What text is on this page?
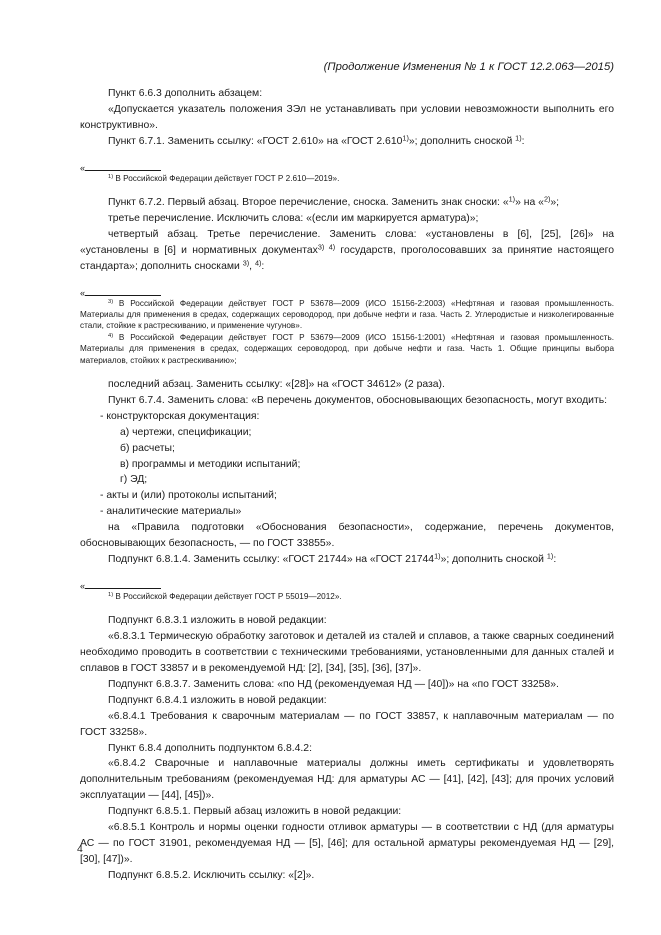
(Продолжение Изменения № 1 к ГОСТ 12.2.063—2015)

Пункт 6.6.3 дополнить абзацем:

«Допускается указатель положения ЗЭл не устанавливать при условии невозможности выполнить его конструктивно».

Пункт 6.7.1. Заменить ссылку: «ГОСТ 2.610» на «ГОСТ 2.610$^{1)}$»; дополнить сноской $^{1)}$:

«

$^{1)}$ В Российской Федерации действует ГОСТ Р 2.610—2019».

Пункт 6.7.2. Первый абзац. Второе перечисление, сноска. Заменить знак сноски: «$^{1)}$» на «$^{2)}$»;

третье перечисление. Исключить слова: «(если им маркируется арматура)»;

четвертый абзац. Третье перечисление. Заменить слова: «установлены в [6], [25], [26]» на «установлены в [6] и нормативных документах$^{3) 4)}$ государств, проголосовавших за принятие настоящего стандарта»; дополнить сносками $^{3)}$, $^{4)}$:

«

$^{3)}$ В Российской Федерации действует ГОСТ Р 53678—2009 (ИСО 15156-2:2003) «Нефтяная и газовая промышленность. Материалы для применения в средах, содержащих сероводород, при добыче нефти и газа. Часть 2. Углеродистые и низколегированные стали, стойкие к растрескиванию, и применение чугунов».

$^{4)}$ В Российской Федерации действует ГОСТ Р 53679—2009 (ИСО 15156-1:2001) «Нефтяная и газовая промышленность. Материалы для применения в средах, содержащих сероводород, при добыче нефти и газа. Часть 1. Общие принципы выбора материалов, стойких к растрескиванию»;

последний абзац. Заменить ссылку: «[28]» на «ГОСТ 34612» (2 раза).

Пункт 6.7.4. Заменить слова: «В перечень документов, обосновывающих безопасность, могут входить:

- конструкторская документация:

а) чертежи, спецификации;

б) расчеты;

в) программы и методики испытаний;

г) ЭД;

- акты и (или) протоколы испытаний;

- аналитические материалы»

на «Правила подготовки «Обоснования безопасности», содержание, перечень документов, обосновывающих безопасность, — по ГОСТ 33855».

Подпункт 6.8.1.4. Заменить ссылку: «ГОСТ 21744» на «ГОСТ 21744$^{1)}$»; дополнить сноской $^{1)}$:

«

$^{1)}$ В Российской Федерации действует ГОСТ Р 55019—2012».

Подпункт 6.8.3.1 изложить в новой редакции:

«6.8.3.1 Термическую обработку заготовок и деталей из сталей и сплавов, а также сварных соединений необходимо проводить в соответствии с техническими требованиями, установленными для данных сталей и сплавов в ГОСТ 33857 и в рекомендуемой НД: [2], [34], [35], [36], [37]».

Подпункт 6.8.3.7. Заменить слова: «по НД (рекомендуемая НД — [40])» на «по ГОСТ 33258».

Подпункт 6.8.4.1 изложить в новой редакции:

«6.8.4.1 Требования к сварочным материалам — по ГОСТ 33857, к наплавочным материалам — по ГОСТ 33258».

Пункт 6.8.4 дополнить подпунктом 6.8.4.2:

«6.8.4.2 Сварочные и наплавочные материалы должны иметь сертификаты и удовлетворять дополнительным требованиям (рекомендуемая НД: для арматуры АС — [41], [42], [43]; для прочих условий эксплуатации — [44], [45])».

Подпункт 6.8.5.1. Первый абзац изложить в новой редакции:

«6.8.5.1 Контроль и нормы оценки годности отливок арматуры — в соответствии с НД (для арматуры АС — по ГОСТ 31901, рекомендуемая НД — [5], [46]; для остальной арматуры рекомендуемая НД — [29], [30], [47])».

Подпункт 6.8.5.2. Исключить ссылку: «[2]».

4
